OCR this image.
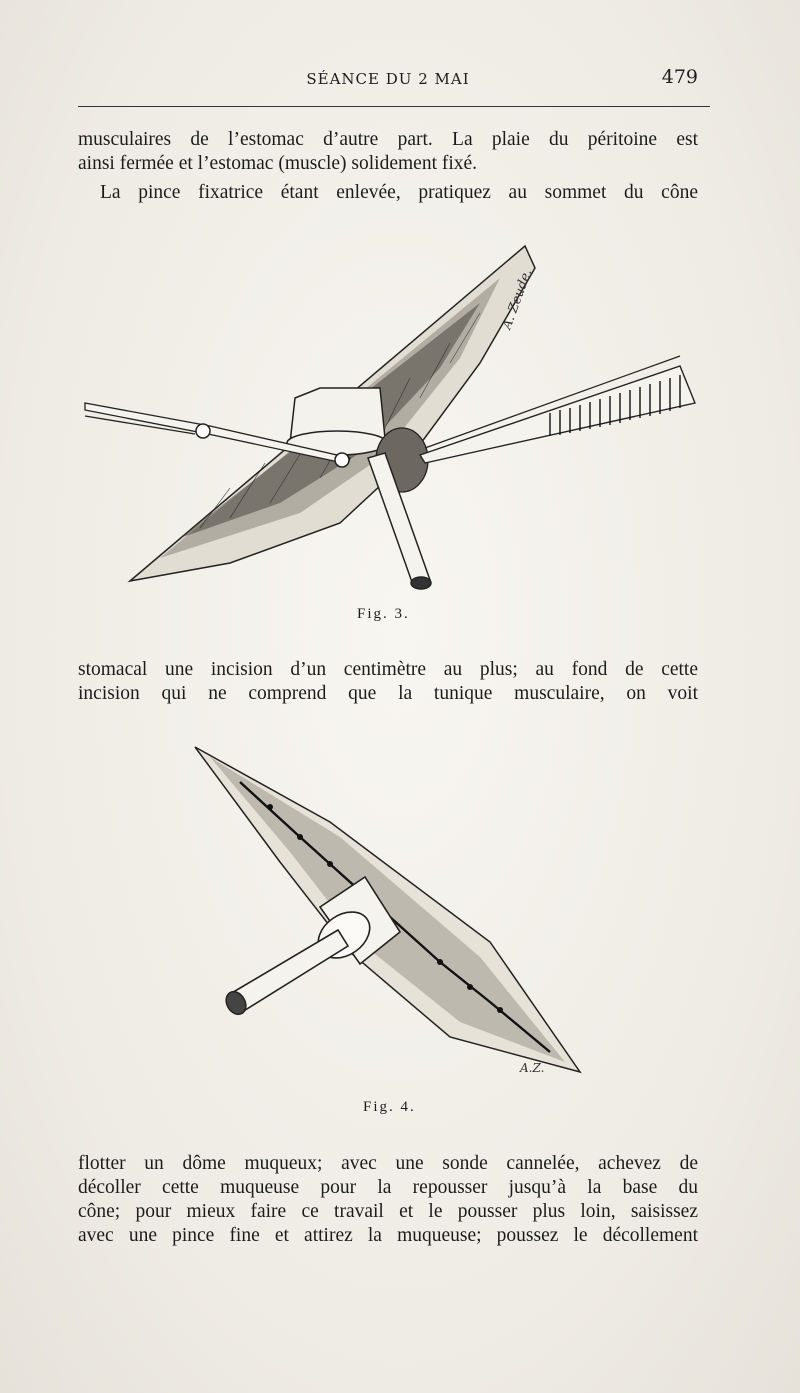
SÉANCE DU 2 MAI	479
musculaires de l’estomac d’autre part. La plaie du péritoine est
ainsi fermée et l’estomac (muscle) solidement fixé.
La pince fixatrice étant enlevée, pratiquez au sommet du cône
A. Zeude.
Fig. 3.
stomacal une incision d’un centimètre au plus; au fond de cette
incision qui ne comprend que la tunique musculaire, on voit
A.Z.
Fig. 4.
flotter un dôme muqueux; avec une sonde cannelée, achevez de
décoller cette muqueuse pour la repousser jusqu’à la base du
cône; pour mieux faire ce travail et le pousser plus loin, saisissez
avec une pince fine et attirez la muqueuse; poussez le décollement
